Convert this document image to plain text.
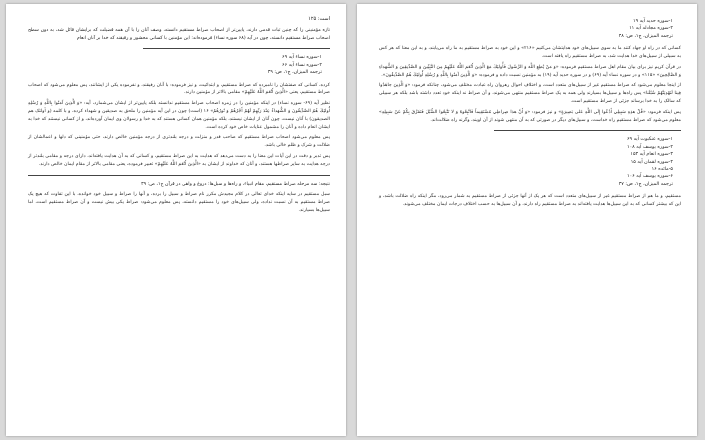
است: ۱۲۵

تازه مؤمنینی را که چنین ثبات قدمی دارند، پایین‌تر از اصحاب صراط مستقیم دانسته، وصف آنان را با آن همه فضیلت که برایشان قائل شد، به دون سطح اصحاب صراط مستقیم دانسته، چون در آیه (۶۸ سوره نساء) فرموده‌اند: این مؤمنین با کسانی محشور و رفیقند که خدا بر آنان انعام

۱-سوره نساء آیه ۶۹

۲-سوره نساء آیه ۶۶

ترجمه المیزان، ج۱، ص: ۴۹

کرده، کسانی که صفتشان را نامبرده که صراط مستقیم، و ابتدائیت، و نیز فرموده: با آنان رفیقند، و نفرموده یکی از ایشانند، پس معلوم می‌شود که اصحاب صراط مستقیم، یعنی «الَّذِينَ أَنْعَمَ اللَّهُ عَلَيْهِمْ» مقامی بالاتر از مؤمنین دارند.

نظیر آیه (۶۹- سوره نساء) در اینکه مؤمنین را در زمره اصحاب صراط مستقیم ندانسته بلکه پایین‌تر از ایشان می‌شمارد، آیه: «وَ الَّذِينَ آمَنُوا بِاللَّهِ وَ رُسُلِهِ أُولئِكَ هُمُ الصِّدِّيقُونَ وَ الشُّهَداءُ عِنْدَ رَبِّهِمْ لَهُمْ أَجْرُهُمْ وَ نُورُهُمْ» ۱۶ (است) چون در این آیه مؤمنین را ملحق به صدیقین و شهداء کرده، و با کلمه (و أولئک هم الصدیقون) با آنان نیست، چون آنان از ایشان نیستند، بلکه مؤمنین همان کسانی هستند که به خدا و رسولان وی ایمان آورده‌اند، و از کسانی نیستند که خدا به ایشان انعام داده و آنان را مشمول عنایات خاص خود کرده است.

پس معلوم می‌شود اصحاب صراط مستقیم که صاحب قدر و منزلت و درجه بلندتری از درجه مؤمنین خالص دارند، حتی مؤمنینی که دلها و اعمالشان از ضلالت و شرک و ظلم خالی باشد.

پس تدبر و دقت در این آیات این معنا را به دست می‌دهد که هدایت به این صراط مستقیم، و کسانی که به آن هدایت یافته‌اند، دارای درجه و مقامی بلندتر از درجه هدایت به سایر صراطها هستند، و آنان که خداوند از ایشان به «الَّذِينَ أَنْعَمَ اللَّهُ عَلَيْهِمْ» تعبیر فرموده، یعنی مقامی بالاتر از مقام ایمان خالص دارند.

نتیجه: سه مرحله صراط مستقیم، مقام انبیاء، و راه‌ها و سبل‌ها: دروغ و واهی در قرآن ج۱، ص: ۳۹

سبل مستقیم در سایه اینکه خدای تعالی در کلام مجیدش مکرر نام صراط و سبیل را برده، و آنها را صراط و سبیل خود خوانده، با این تفاوت که هیچ یک صراط مستقیم به آن نسبت نداده، ولی سبیل‌های خود را مستقیم دانسته، پس معلوم می‌شود: صراط یکی بیش نیست و آن صراط مستقیم است، اما سبیل‌ها بسیارند.

۱-سوره حدید آیه ۱۹

۲-سوره مجادله آیه ۱۱

ترجمه المیزان، ج۱، ص: ۴۸

کسانی که در راه او جهاد کنند ما به سوی سبیل‌های خود هدایتشان می‌کنیم «۲۱۶» و این خود به صراط مستقیم به ما راه می‌یابند، و به این معنا که هر کس به سبیلی از سبیل‌های خدا هدایت شد، به صراط مستقیم راه یافته است.

در قرآن کریم نیز برای بیان مقام اهل صراط مستقیم فرموده: «وَ مَنْ يُطِعِ اللَّهَ وَ الرَّسُولَ فَأُولئِكَ مَعَ الَّذِينَ أَنْعَمَ اللَّهُ عَلَيْهِمْ مِنَ النَّبِيِّينَ وَ الصِّدِّيقِينَ وَ الشُّهَداءِ وَ الصَّالِحِينَ» «۱۱۵» و در سوره نساء آیه (۶۹) و در سوره حدید آیه (۱۹) به مؤمنین نسبت داده و فرموده: «وَ الَّذِينَ آمَنُوا بِاللَّهِ وَ رُسُلِهِ أُولئِكَ هُمُ الصِّدِّيقُونَ».

از اینجا معلوم می‌شود که صراط مستقیم غیر از سبیل‌های متعدد است، و اختلاف احوال رهروان راه عبادت مختلف می‌شود، چنانکه فرمود: «وَ الَّذِينَ جاهَدُوا فِينا لَنَهْدِيَنَّهُمْ سُبُلَنا» پس راه‌ها و سبیل‌ها بسیارند ولی همه به یک صراط مستقیم منتهی می‌شوند، و آن صراط نه اینکه خود تعدد داشته باشد بلکه هر سبیلی که سالک را به خدا برساند جزئی از صراط مستقیم است.

پس اینکه فرمود: «قُلْ هذِهِ سَبِيلِي أَدْعُوا إِلَى اللَّهِ عَلى بَصِيرَةٍ» و نیز فرمود: «وَ أَنَّ هذا صِراطِي مُسْتَقِيماً فَاتَّبِعُوهُ وَ لا تَتَّبِعُوا السُّبُلَ فَتَفَرَّقَ بِكُمْ عَنْ سَبِيلِهِ» معلوم می‌شود که صراط مستقیم راه خداست، و سبیل‌های دیگر در صورتی که به آن منتهی شوند از آن اویند، وگرنه راه ضلالت‌اند.

۱-سوره عنکبوت آیه ۶۹

۲-سوره یوسف آیه ۱۰۸

۳-سوره انعام آیه ۱۵۳

۴-سوره لقمان آیه ۱۵

۵-مائده ۱۶

۶-سوره یوسف آیه ۱۰۶

ترجمه المیزان، ج۱، ص: ۴۷

مستقیم، و ما هم از صراط مستقیم غیر از سبیل‌های متعدد است که هر یک از آنها جزئی از صراط مستقیم به شمار می‌رود، مگر اینکه راه ضلالت باشد، و این که بیشتر کسانی که به این سبیل‌ها هدایت یافته‌اند به صراط مستقیم راه دارند، و آن سبیل‌ها به حسب اختلاف درجات ایمان مختلف می‌شوند.
